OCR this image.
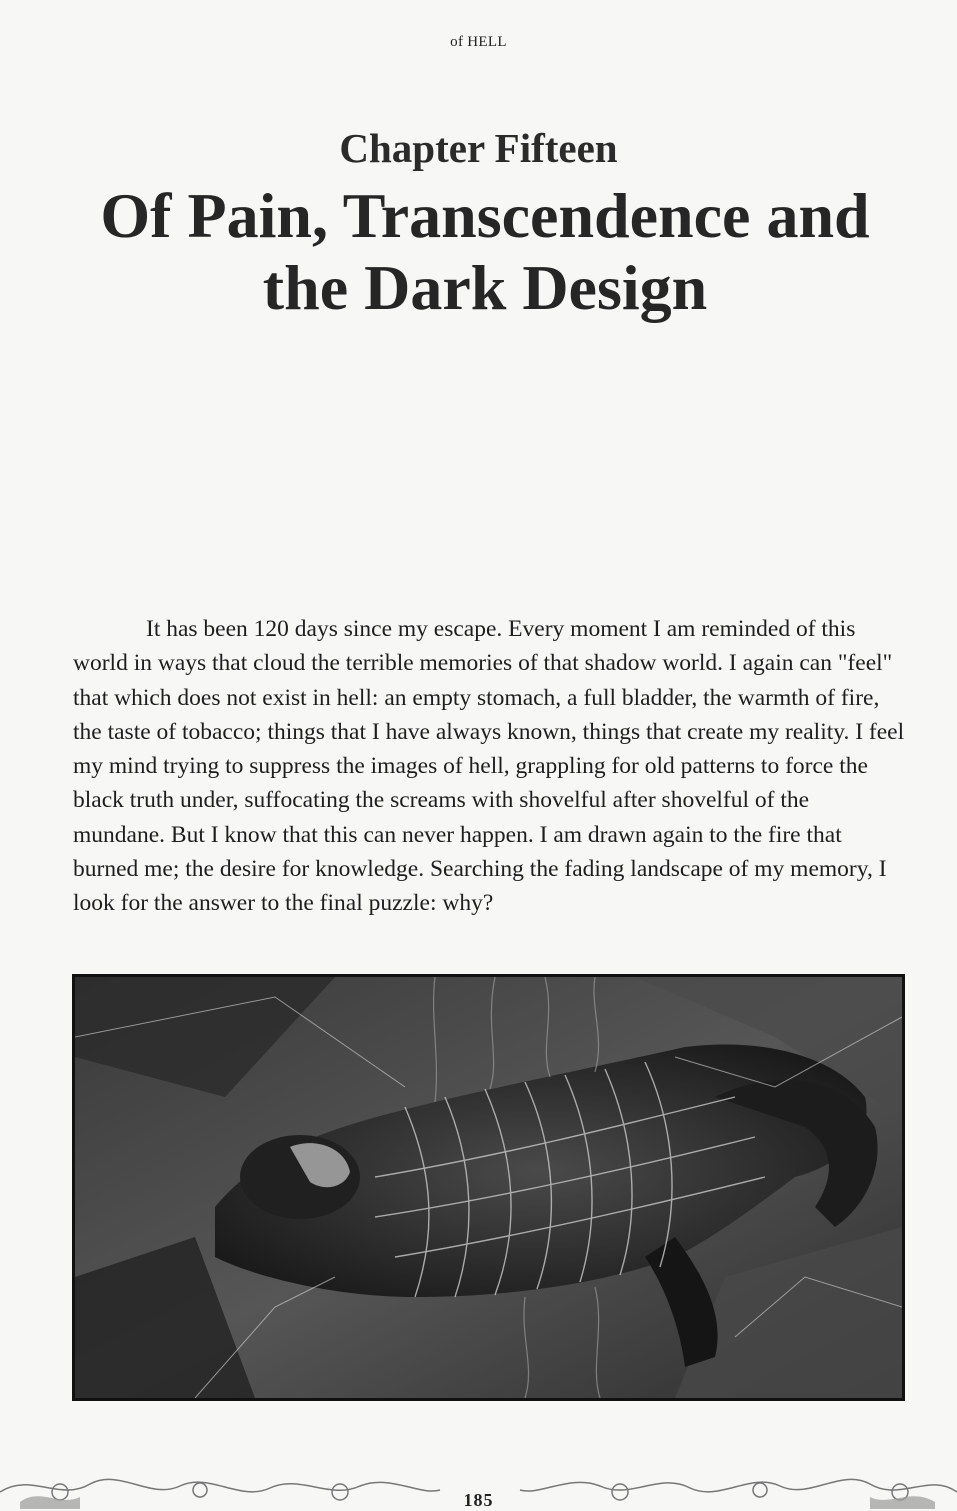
of HELL
Chapter Fifteen
Of Pain, Transcendence and
the Dark Design

It has been 120 days since my escape. Every moment I am reminded of this world in ways that cloud the terrible memories of that shadow world. I again can "feel" that which does not exist in hell: an empty stomach, a full bladder, the warmth of fire, the taste of tobacco; things that I have always known, things that create my reality. I feel my mind trying to suppress the images of hell, grappling for old patterns to force the black truth under, suffocating the screams with shovelful after shovelful of the mundane. But I know that this can never happen. I am drawn again to the fire that burned me; the desire for knowledge. Searching the fading landscape of my memory, I look for the answer to the final puzzle: why?

185
